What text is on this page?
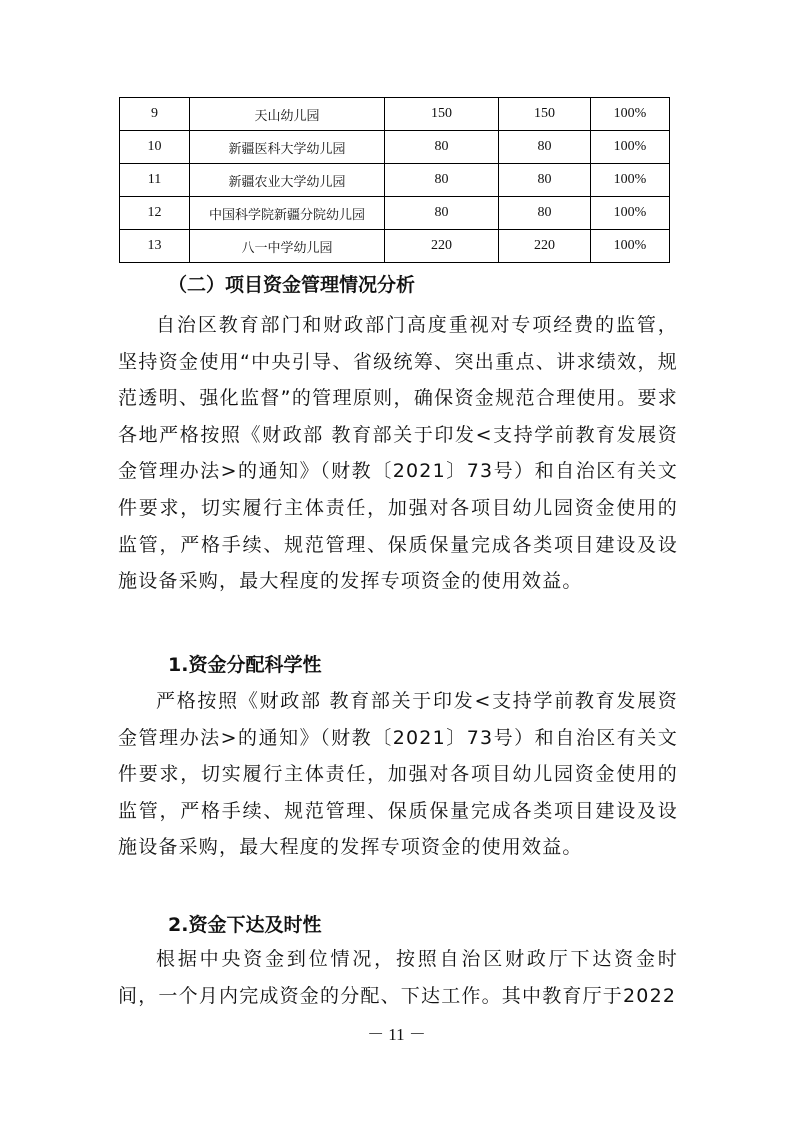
9	天山幼儿园	150	150	100%
10	新疆医科大学幼儿园	80	80	100%
11	新疆农业大学幼儿园	80	80	100%
12	中国科学院新疆分院幼儿园	80	80	100%
13	八一中学幼儿园	220	220	100%
（二）项目资金管理情况分析

自治区教育部门和财政部门高度重视对专项经费的监管，坚持资金使用“中央引导、省级统筹、突出重点、讲求绩效，规范透明、强化监督”的管理原则，确保资金规范合理使用。要求各地严格按照《财政部 教育部关于印发<支持学前教育发展资金管理办法>的通知》（财教〔2021〕73号）和自治区有关文件要求，切实履行主体责任，加强对各项目幼儿园资金使用的监管，严格手续、规范管理、保质保量完成各类项目建设及设施设备采购，最大程度的发挥专项资金的使用效益。

1.资金分配科学性

严格按照《财政部 教育部关于印发<支持学前教育发展资金管理办法>的通知》（财教〔2021〕73号）和自治区有关文件要求，切实履行主体责任，加强对各项目幼儿园资金使用的监管，严格手续、规范管理、保质保量完成各类项目建设及设施设备采购，最大程度的发挥专项资金的使用效益。

2.资金下达及时性

根据中央资金到位情况，按照自治区财政厅下达资金时间，一个月内完成资金的分配、下达工作。其中教育厅于2022

－ 11 －
